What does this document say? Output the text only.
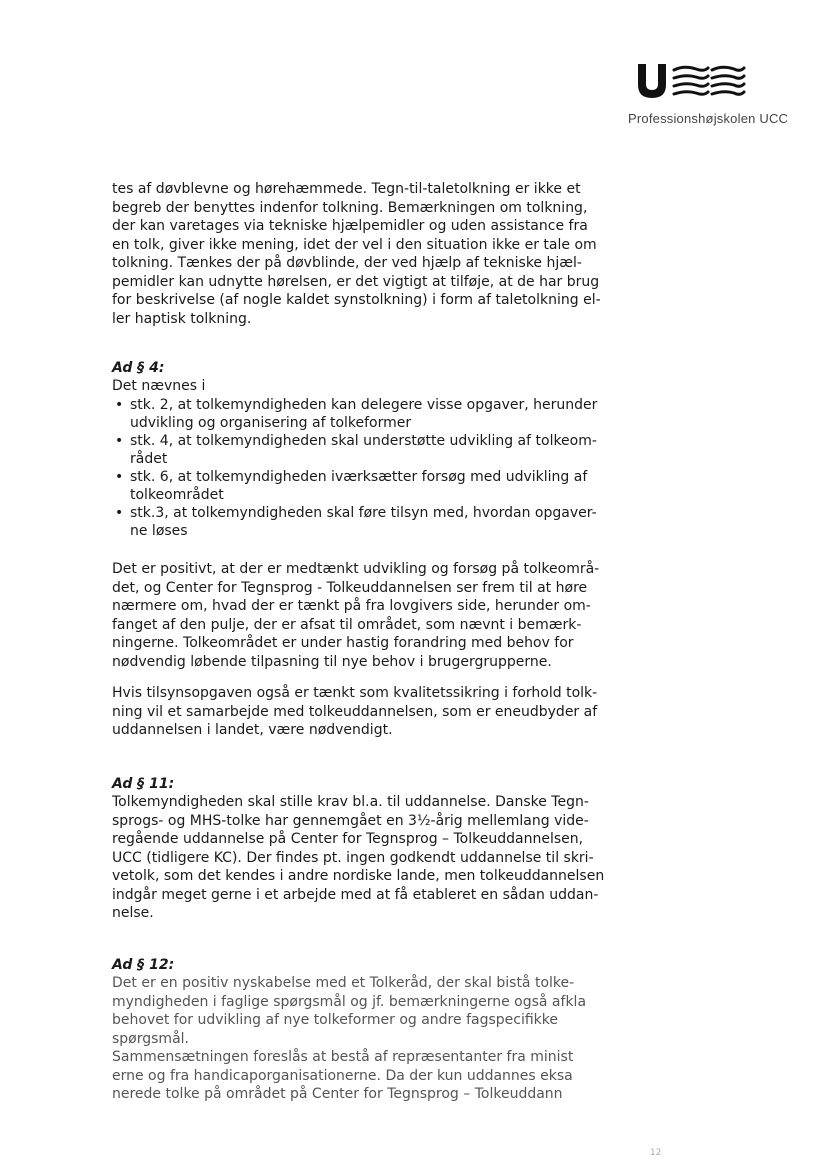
Professionshøjskolen UCC

tes af døvblevne og hørehæmmede. Tegn-til-taletolkning er ikke et
begreb der benyttes indenfor tolkning. Bemærkningen om tolkning,
der kan varetages via tekniske hjælpemidler og uden assistance fra
en tolk, giver ikke mening, idet der vel i den situation ikke er tale om
tolkning. Tænkes der på døvblinde, der ved hjælp af tekniske hjæl-
pemidler kan udnytte hørelsen, er det vigtigt at tilføje, at de har brug
for beskrivelse (af nogle kaldet synstolkning) i form af taletolkning el-
ler haptisk tolkning.

Ad § 4:
Det nævnes i
• stk. 2, at tolkemyndigheden kan delegere visse opgaver, herunder
udvikling og organisering af tolkeformer
• stk. 4, at tolkemyndigheden skal understøtte udvikling af tolkeom-
rådet
• stk. 6, at tolkemyndigheden iværksætter forsøg med udvikling af
tolkeområdet
• stk.3, at tolkemyndigheden skal føre tilsyn med, hvordan opgaver-
ne løses

Det er positivt, at der er medtænkt udvikling og forsøg på tolkeområ-
det, og Center for Tegnsprog - Tolkeuddannelsen ser frem til at høre
nærmere om, hvad der er tænkt på fra lovgivers side, herunder om-
fanget af den pulje, der er afsat til området, som nævnt i bemærk-
ningerne. Tolkeområdet er under hastig forandring med behov for
nødvendig løbende tilpasning til nye behov i brugergrupperne.

Hvis tilsynsopgaven også er tænkt som kvalitetssikring i forhold tolk-
ning vil et samarbejde med tolkeuddannelsen, som er eneudbyder af
uddannelsen i landet, være nødvendigt.

Ad § 11:

Tolkemyndigheden skal stille krav bl.a. til uddannelse. Danske Tegn-
sprogs- og MHS-tolke har gennemgået en 3½-årig mellemlang vide-
regående uddannelse på Center for Tegnsprog – Tolkeuddannelsen,
UCC (tidligere KC). Der findes pt. ingen godkendt uddannelse til skri-
vetolk, som det kendes i andre nordiske lande, men tolkeuddannelsen
indgår meget gerne i et arbejde med at få etableret en sådan uddan-
nelse.

Ad § 12:

Det er en positiv nyskabelse med et Tolkeråd, der skal bistå tolke-
myndigheden i faglige spørgsmål og jf. bemærkningerne også afkla
behovet for udvikling af nye tolkeformer og andre fagspecifikke
spørgsmål.
Sammensætningen foreslås at bestå af repræsentanter fra minist
erne og fra handicaporganisationerne. Da der kun uddannes eksa
nerede tolke på området på Center for Tegnsprog – Tolkeuddann

12
